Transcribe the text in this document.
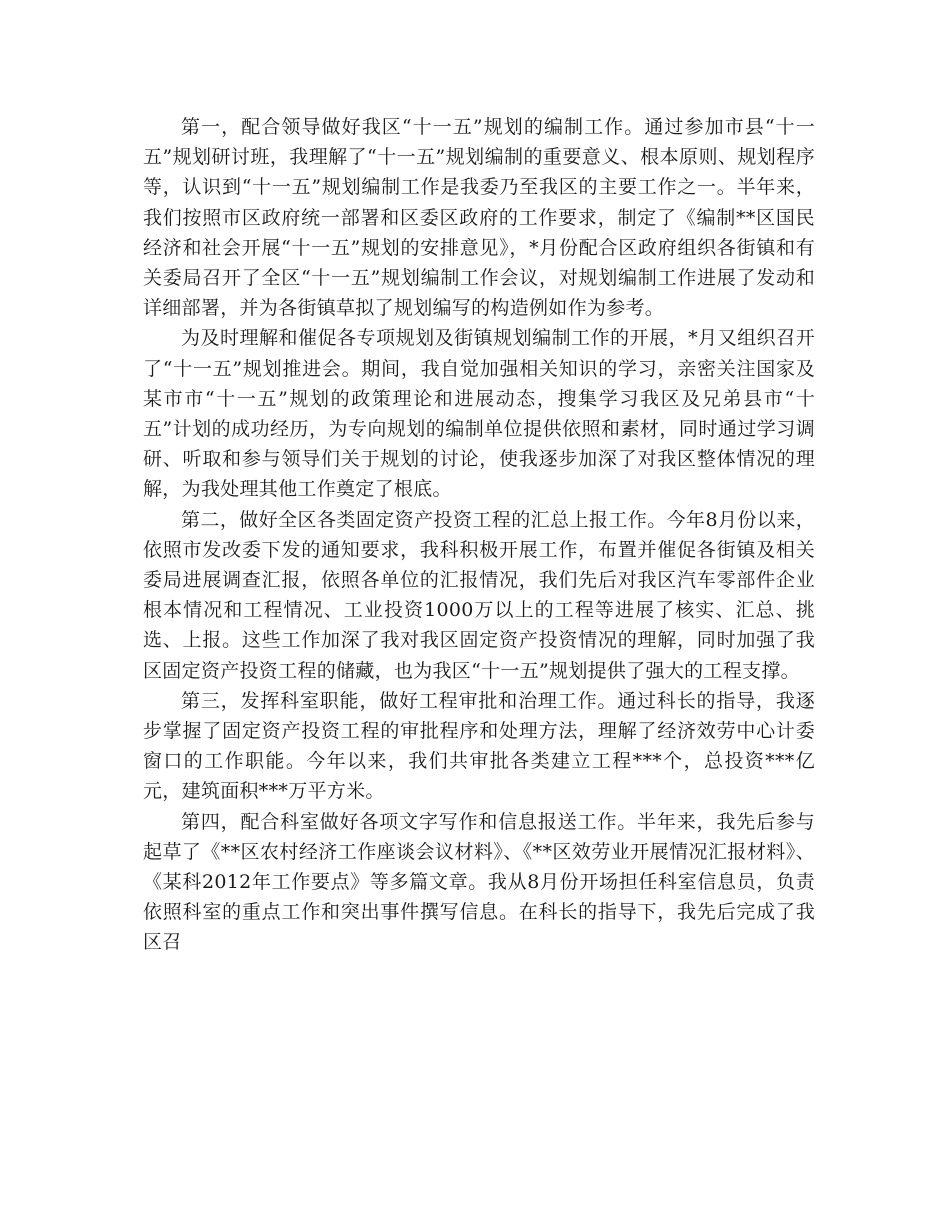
第一，配合领导做好我区“十一五”规划的编制工作。通过参加市县“十一五”规划研讨班，我理解了“十一五”规划编制的重要意义、根本原则、规划程序等，认识到“十一五”规划编制工作是我委乃至我区的主要工作之一。半年来，我们按照市区政府统一部署和区委区政府的工作要求，制定了《编制**区国民经济和社会开展“十一五”规划的安排意见》，*月份配合区政府组织各街镇和有关委局召开了全区“十一五”规划编制工作会议，对规划编制工作进展了发动和详细部署，并为各街镇草拟了规划编写的构造例如作为参考。

为及时理解和催促各专项规划及街镇规划编制工作的开展，*月又组织召开了“十一五”规划推进会。期间，我自觉加强相关知识的学习，亲密关注国家及某市市“十一五”规划的政策理论和进展动态，搜集学习我区及兄弟县市“十五”计划的成功经历，为专向规划的编制单位提供依照和素材，同时通过学习调研、听取和参与领导们关于规划的讨论，使我逐步加深了对我区整体情况的理解，为我处理其他工作奠定了根底。

第二，做好全区各类固定资产投资工程的汇总上报工作。今年8月份以来，依照市发改委下发的通知要求，我科积极开展工作，布置并催促各街镇及相关委局进展调查汇报，依照各单位的汇报情况，我们先后对我区汽车零部件企业根本情况和工程情况、工业投资1000万以上的工程等进展了核实、汇总、挑选、上报。这些工作加深了我对我区固定资产投资情况的理解，同时加强了我区固定资产投资工程的储藏，也为我区“十一五”规划提供了强大的工程支撑。

第三，发挥科室职能，做好工程审批和治理工作。通过科长的指导，我逐步掌握了固定资产投资工程的审批程序和处理方法，理解了经济效劳中心计委窗口的工作职能。今年以来，我们共审批各类建立工程***个，总投资***亿元，建筑面积***万平方米。

第四，配合科室做好各项文字写作和信息报送工作。半年来，我先后参与起草了《**区农村经济工作座谈会议材料》、《**区效劳业开展情况汇报材料》、《某科2012年工作要点》等多篇文章。我从8月份开场担任科室信息员，负责依照科室的重点工作和突出事件撰写信息。在科长的指导下，我先后完成了我区召
